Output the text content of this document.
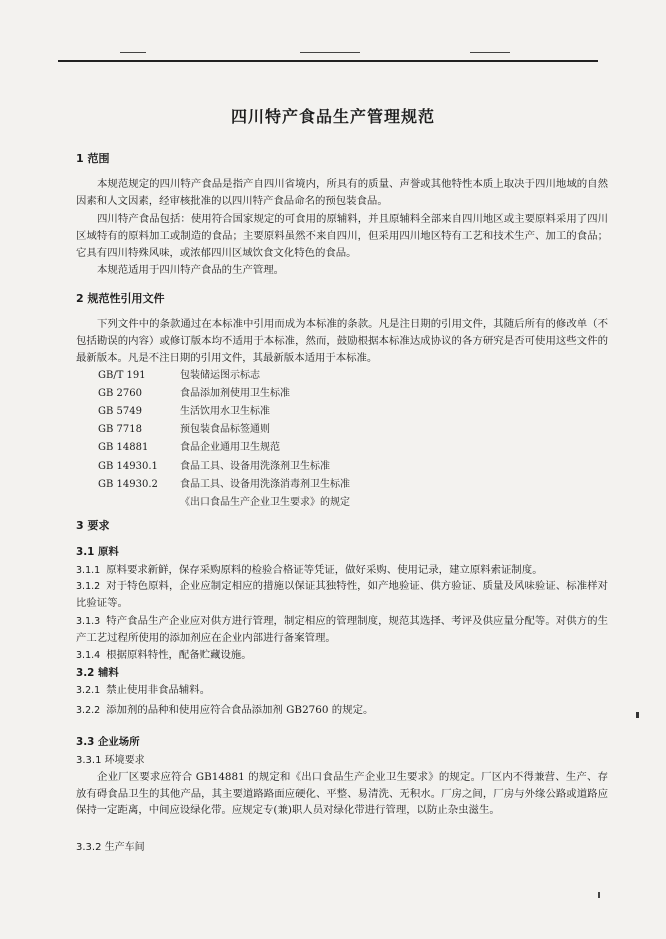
四川特产食品生产管理规范
1 范围

本规范规定的四川特产食品是指产自四川省境内，所具有的质量、声誉或其他特性本质上取决于四川地域的自然因素和人文因素，经审核批准的以四川特产食品命名的预包装食品。

四川特产食品包括：使用符合国家规定的可食用的原辅料，并且原辅料全部来自四川地区或主要原料采用了四川区域特有的原料加工或制造的食品；主要原料虽然不来自四川，但采用四川地区特有工艺和技术生产、加工的食品；它具有四川特殊风味，或浓郁四川区域饮食文化特色的食品。

本规范适用于四川特产食品的生产管理。

2 规范性引用文件

下列文件中的条款通过在本标准中引用而成为本标准的条款。凡是注日期的引用文件，其随后所有的修改单（不包括勘误的内容）或修订版本均不适用于本标准，然而，鼓励根据本标准达成协议的各方研究是否可使用这些文件的最新版本。凡是不注日期的引用文件，其最新版本适用于本标准。

GB/T 191	包装储运图示标志
GB 2760	食品添加剂使用卫生标准
GB 5749	生活饮用水卫生标准
GB 7718	预包装食品标签通则
GB 14881	食品企业通用卫生规范
GB 14930.1 食品工具、设备用洗涤剂卫生标准
GB 14930.2 食品工具、设备用洗涤消毒剂卫生标准
《出口食品生产企业卫生要求》的规定
3 要求
3.1 原料

3.1.1 原料要求新鲜，保存采购原料的检验合格证等凭证，做好采购、使用记录，建立原料索证制度。

3.1.2 对于特色原料，企业应制定相应的措施以保证其独特性，如产地验证、供方验证、质量及风味验证、标准样对比验证等。

3.1.3 特产食品生产企业应对供方进行管理，制定相应的管理制度，规范其选择、考评及供应量分配等。对供方的生产工艺过程所使用的添加剂应在企业内部进行备案管理。

3.1.4 根据原料特性，配备贮藏设施。

3.2 辅料

3.2.1 禁止使用非食品辅料。

3.2.2 添加剂的品种和使用应符合食品添加剂 GB2760 的规定。

3.3 企业场所
3.3.1 环境要求

企业厂区要求应符合 GB14881 的规定和《出口食品生产企业卫生要求》的规定。厂区内不得兼营、生产、存放有碍食品卫生的其他产品，其主要道路路面应硬化、平整、易清洗、无积水。厂房之间，厂房与外缘公路或道路应保持一定距离，中间应设绿化带。应规定专(兼)职人员对绿化带进行管理，以防止杂虫滋生。

3.3.2 生产车间
